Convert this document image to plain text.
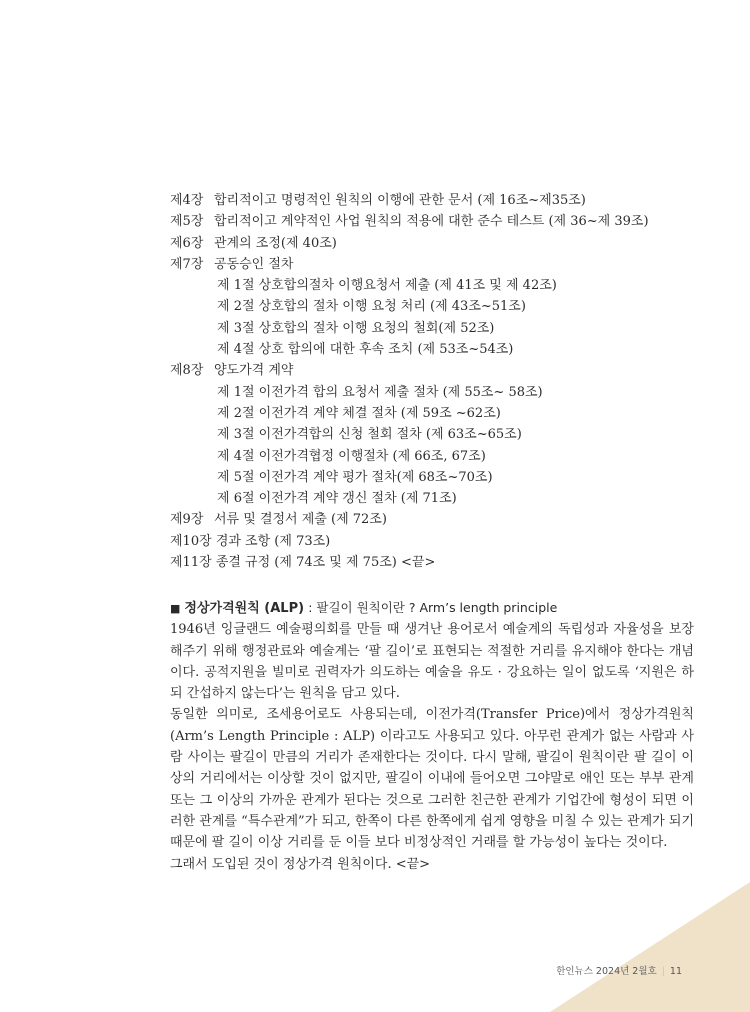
제4장 합리적이고 명령적인 원칙의 이행에 관한 문서 (제 16조~제35조)
제5장 합리적이고 계약적인 사업 원칙의 적용에 대한 준수 테스트 (제 36~제 39조)
제6장 관계의 조정(제 40조)
제7장 공동승인 절차
제 1절 상호합의절차 이행요청서 제출 (제 41조 및 제 42조)
제 2절 상호합의 절차 이행 요청 처리 (제 43조~51조)
제 3절 상호합의 절차 이행 요청의 철회(제 52조)
제 4절 상호 합의에 대한 후속 조치 (제 53조~54조)
제8장 양도가격 계약
제 1절 이전가격 합의 요청서 제출 절차 (제 55조~ 58조)
제 2절 이전가격 계약 체결 절차 (제 59조 ~62조)
제 3절 이전가격합의 신청 철회 절차 (제 63조~65조)
제 4절 이전가격협정 이행절차 (제 66조, 67조)
제 5절 이전가격 계약 평가 절차(제 68조~70조)
제 6절 이전가격 계약 갱신 절차 (제 71조)
제9장 서류 및 결정서 제출 (제 72조)
제10장 경과 조항 (제 73조)
제11장 종결 규정 (제 74조 및 제 75조) <끝>
■ 정상가격원칙 (ALP) : 팔길이 원칙이란 ? Arm’s length principle

1946년 잉글랜드 예술평의회를 만들 때 생겨난 용어로서 예술계의 독립성과 자율성을 보장해주기 위해 행정관료와 예술계는 ‘팔 길이’로 표현되는 적절한 거리를 유지해야 한다는 개념이다. 공적지원을 빌미로 권력자가 의도하는 예술을 유도 · 강요하는 일이 없도록 ‘지원은 하되 간섭하지 않는다’는 원칙을 담고 있다.

동일한 의미로, 조세용어로도 사용되는데, 이전가격(Transfer Price)에서 정상가격원칙(Arm’s Length Principle : ALP) 이라고도 사용되고 있다. 아무런 관계가 없는 사람과 사람 사이는 팔길이 만큼의 거리가 존재한다는 것이다. 다시 말해, 팔길이 원칙이란 팔 길이 이상의 거리에서는 이상할 것이 없지만, 팔길이 이내에 들어오면 그야말로 애인 또는 부부 관계 또는 그 이상의 가까운 관계가 된다는 것으로 그러한 친근한 관계가 기업간에 형성이 되면 이러한 관계를 “특수관계”가 되고, 한쪽이 다른 한쪽에게 쉽게 영향을 미칠 수 있는 관계가 되기 때문에 팔 길이 이상 거리를 둔 이들 보다 비정상적인 거래를 할 가능성이 높다는 것이다.

그래서 도입된 것이 정상가격 원칙이다. <끝>

한인뉴스 2024년 2월호 | 11
